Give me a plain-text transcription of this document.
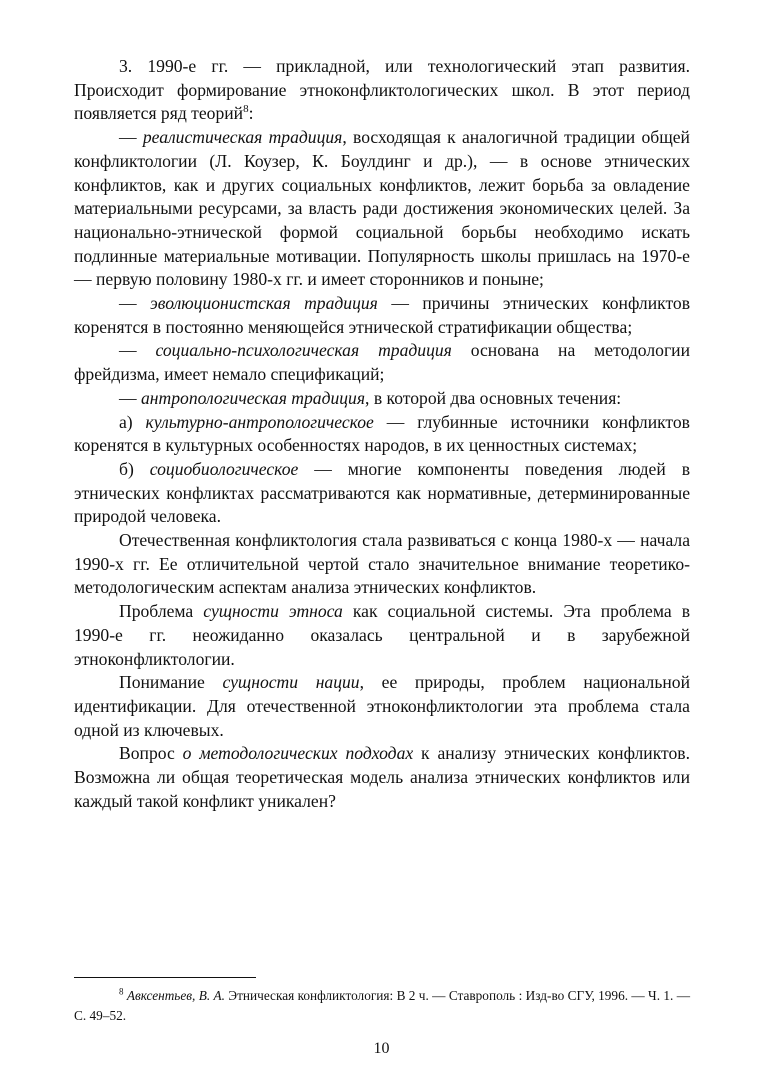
3. 1990-е гг. — прикладной, или технологический этап развития. Происходит формирование этноконфликтологических школ. В этот период появляется ряд теорий$^8$:

— реалистическая традиция, восходящая к аналогичной традиции общей конфликтологии (Л. Коузер, К. Боулдинг и др.), — в основе этнических конфликтов, как и других социальных конфликтов, лежит борьба за овладение материальными ресурсами, за власть ради достижения экономических целей. За национально-этнической формой социальной борьбы необходимо искать подлинные материальные мотивации. Популярность школы пришлась на 1970-е — первую половину 1980-х гг. и имеет сторонников и поныне;

— эволюционистская традиция — причины этнических конфликтов коренятся в постоянно меняющейся этнической стратификации общества;

— социально-психологическая традиция основана на методологии фрейдизма, имеет немало спецификаций;

— антропологическая традиция, в которой два основных течения:

а) культурно-антропологическое — глубинные источники конфликтов коренятся в культурных особенностях народов, в их ценностных системах;

б) социобиологическое — многие компоненты поведения людей в этнических конфликтах рассматриваются как нормативные, детерминированные природой человека.

Отечественная конфликтология стала развиваться с конца 1980-х — начала 1990-х гг. Ее отличительной чертой стало значительное внимание теоретико-методологическим аспектам анализа этнических конфликтов.

Проблема сущности этноса как социальной системы. Эта проблема в 1990-е гг. неожиданно оказалась центральной и в зарубежной этноконфликтологии.

Понимание сущности нации, ее природы, проблем национальной идентификации. Для отечественной этноконфликтологии эта проблема стала одной из ключевых.

Вопрос о методологических подходах к анализу этнических конфликтов. Возможна ли общая теоретическая модель анализа этнических конфликтов или каждый такой конфликт уникален?

$^8$ Авксентьев, В. А. Этническая конфликтология: В 2 ч. — Ставрополь : Изд-во СГУ, 1996. — Ч. 1. — С. 49–52.

10
